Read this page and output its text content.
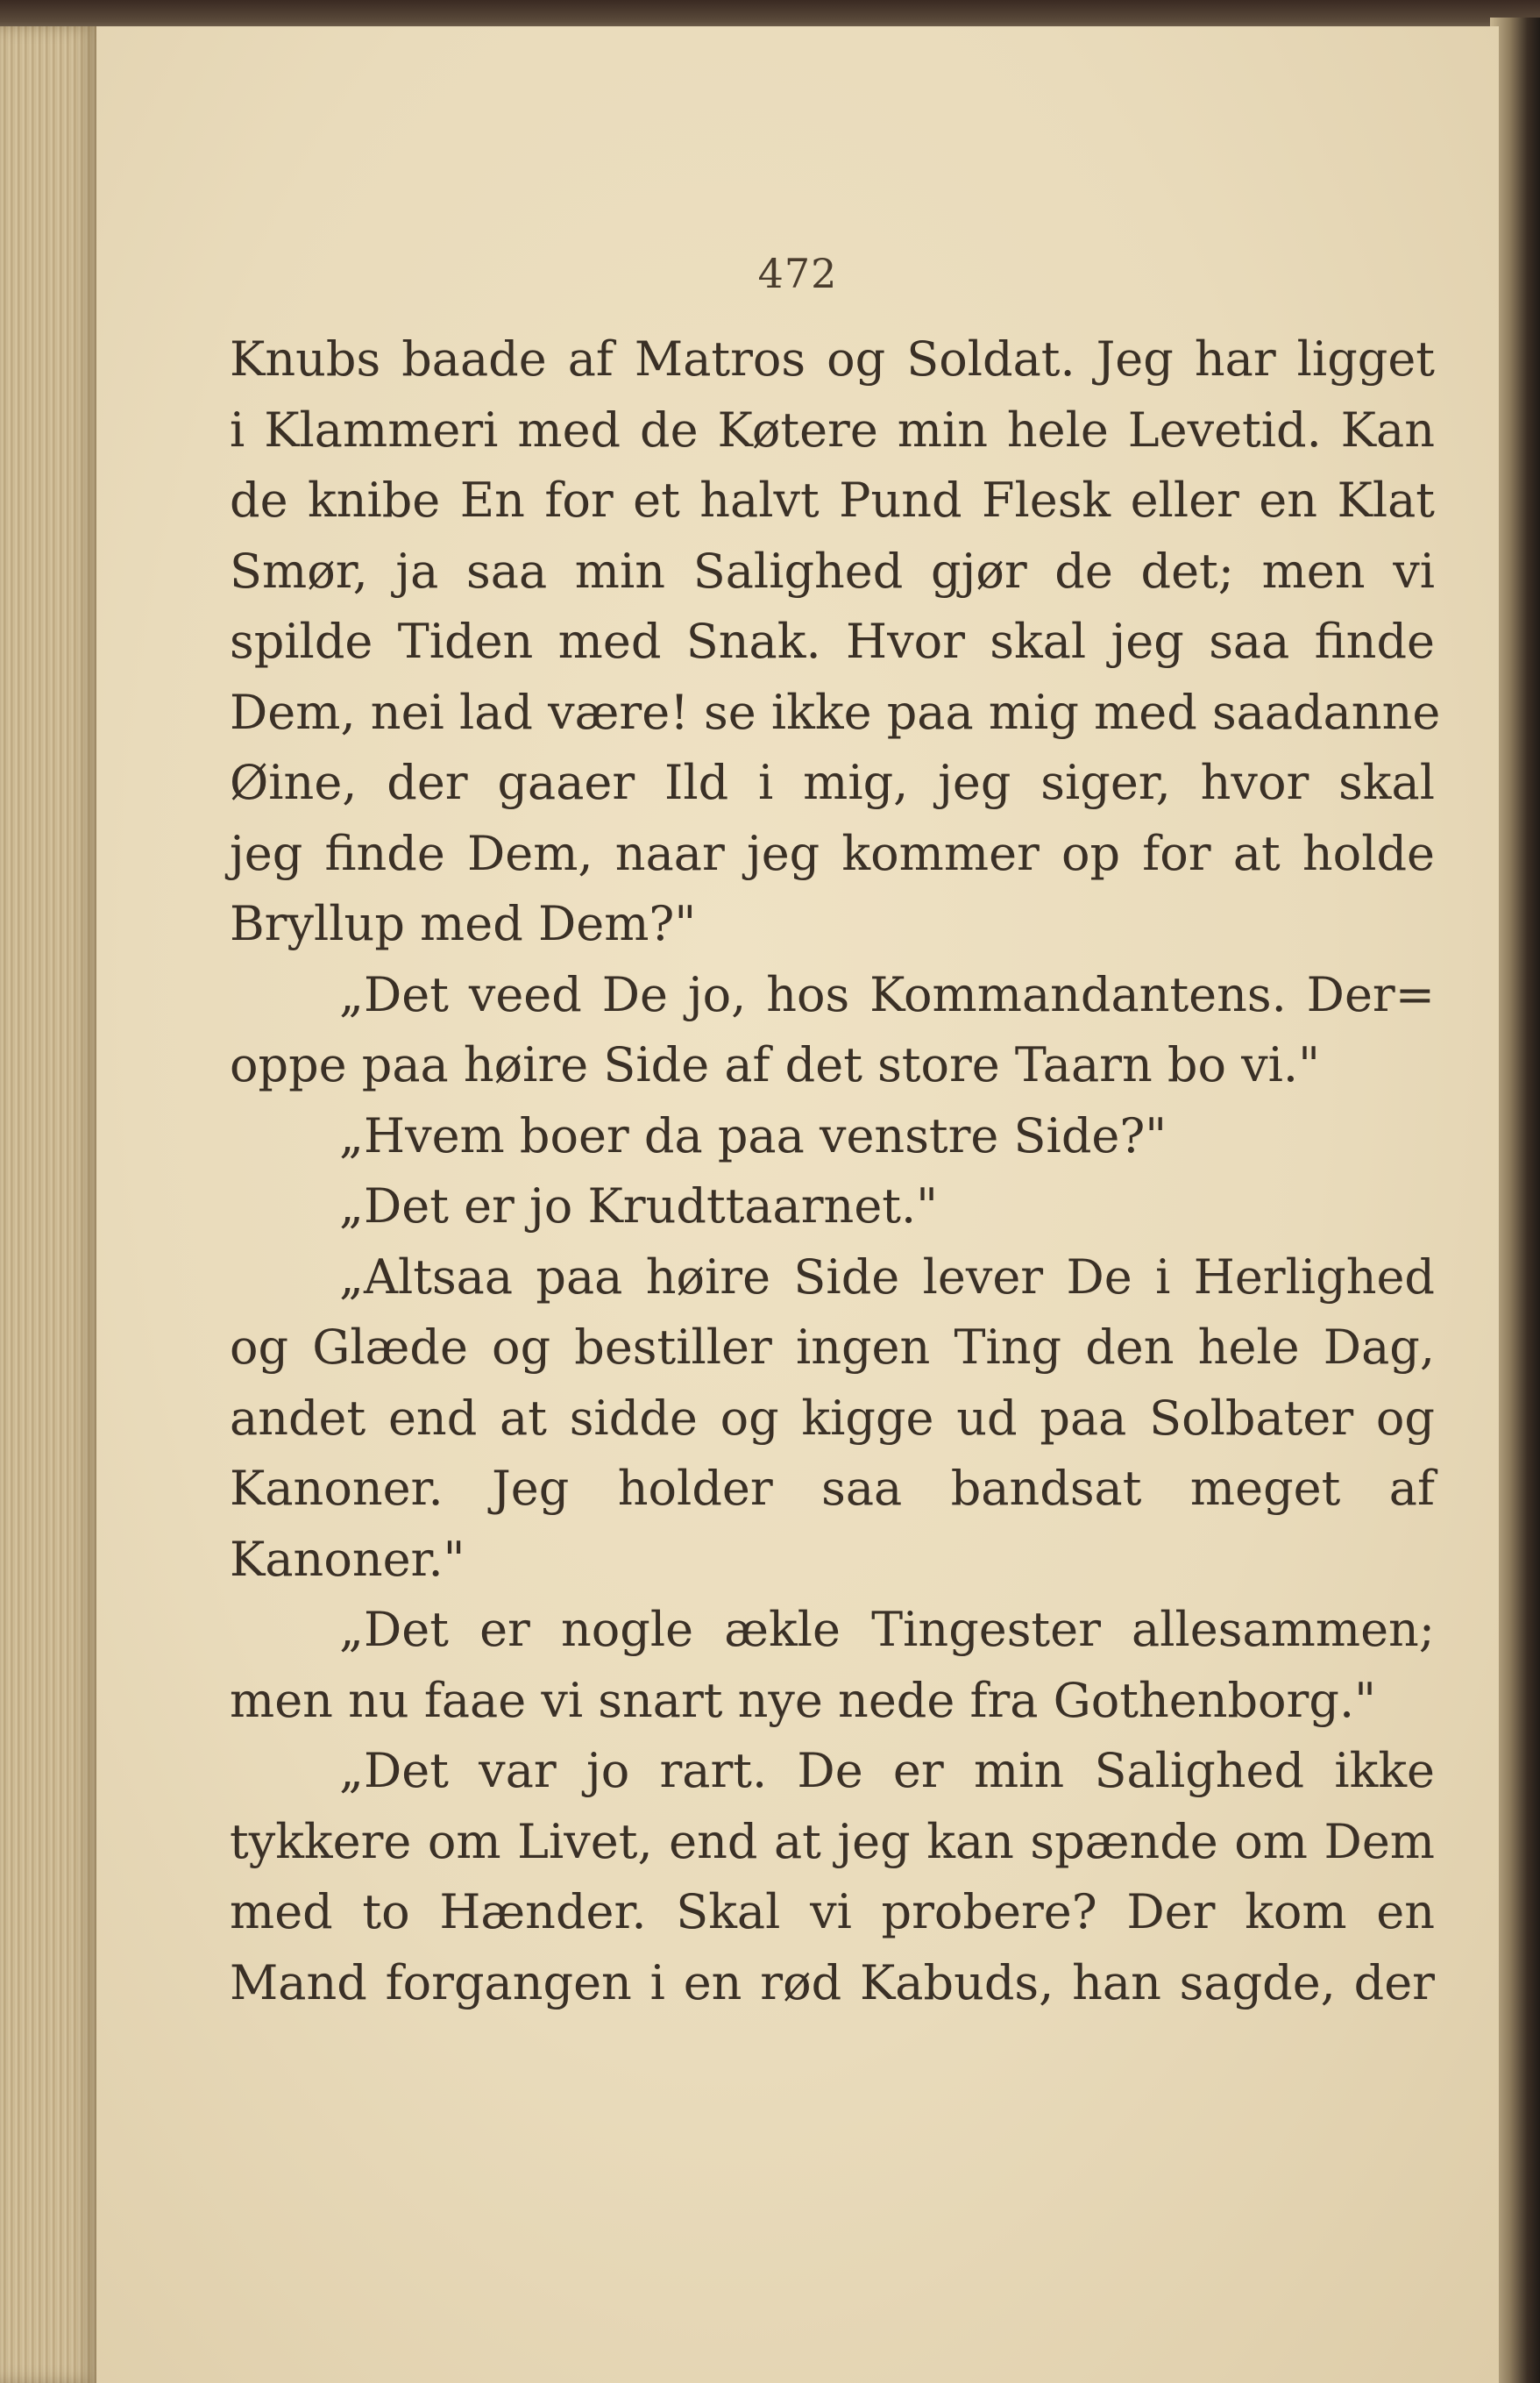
472
Knubs baade af Matros og Soldat. Jeg har ligget
i Klammeri med de Køtere min hele Levetid. Kan
de knibe En for et halvt Pund Flesk eller en Klat
Smør, ja saa min Salighed gjør de det; men vi
spilde Tiden med Snak. Hvor skal jeg saa finde
Dem, nei lad være! se ikke paa mig med saadanne
Øine, der gaaer Ild i mig, jeg siger, hvor skal
jeg finde Dem, naar jeg kommer op for at holde
Bryllup med Dem?"
„Det veed De jo, hos Kommandantens. Der=
oppe paa høire Side af det store Taarn bo vi."
„Hvem boer da paa venstre Side?"
„Det er jo Krudttaarnet."
„Altsaa paa høire Side lever De i Herlighed
og Glæde og bestiller ingen Ting den hele Dag,
andet end at sidde og kigge ud paa Solbater og
Kanoner. Jeg holder saa bandsat meget af
Kanoner."
„Det er nogle ækle Tingester allesammen;
men nu faae vi snart nye nede fra Gothenborg."
„Det var jo rart. De er min Salighed ikke
tykkere om Livet, end at jeg kan spænde om Dem
med to Hænder. Skal vi probere? Der kom en
Mand forgangen i en rød Kabuds, han sagde, der
